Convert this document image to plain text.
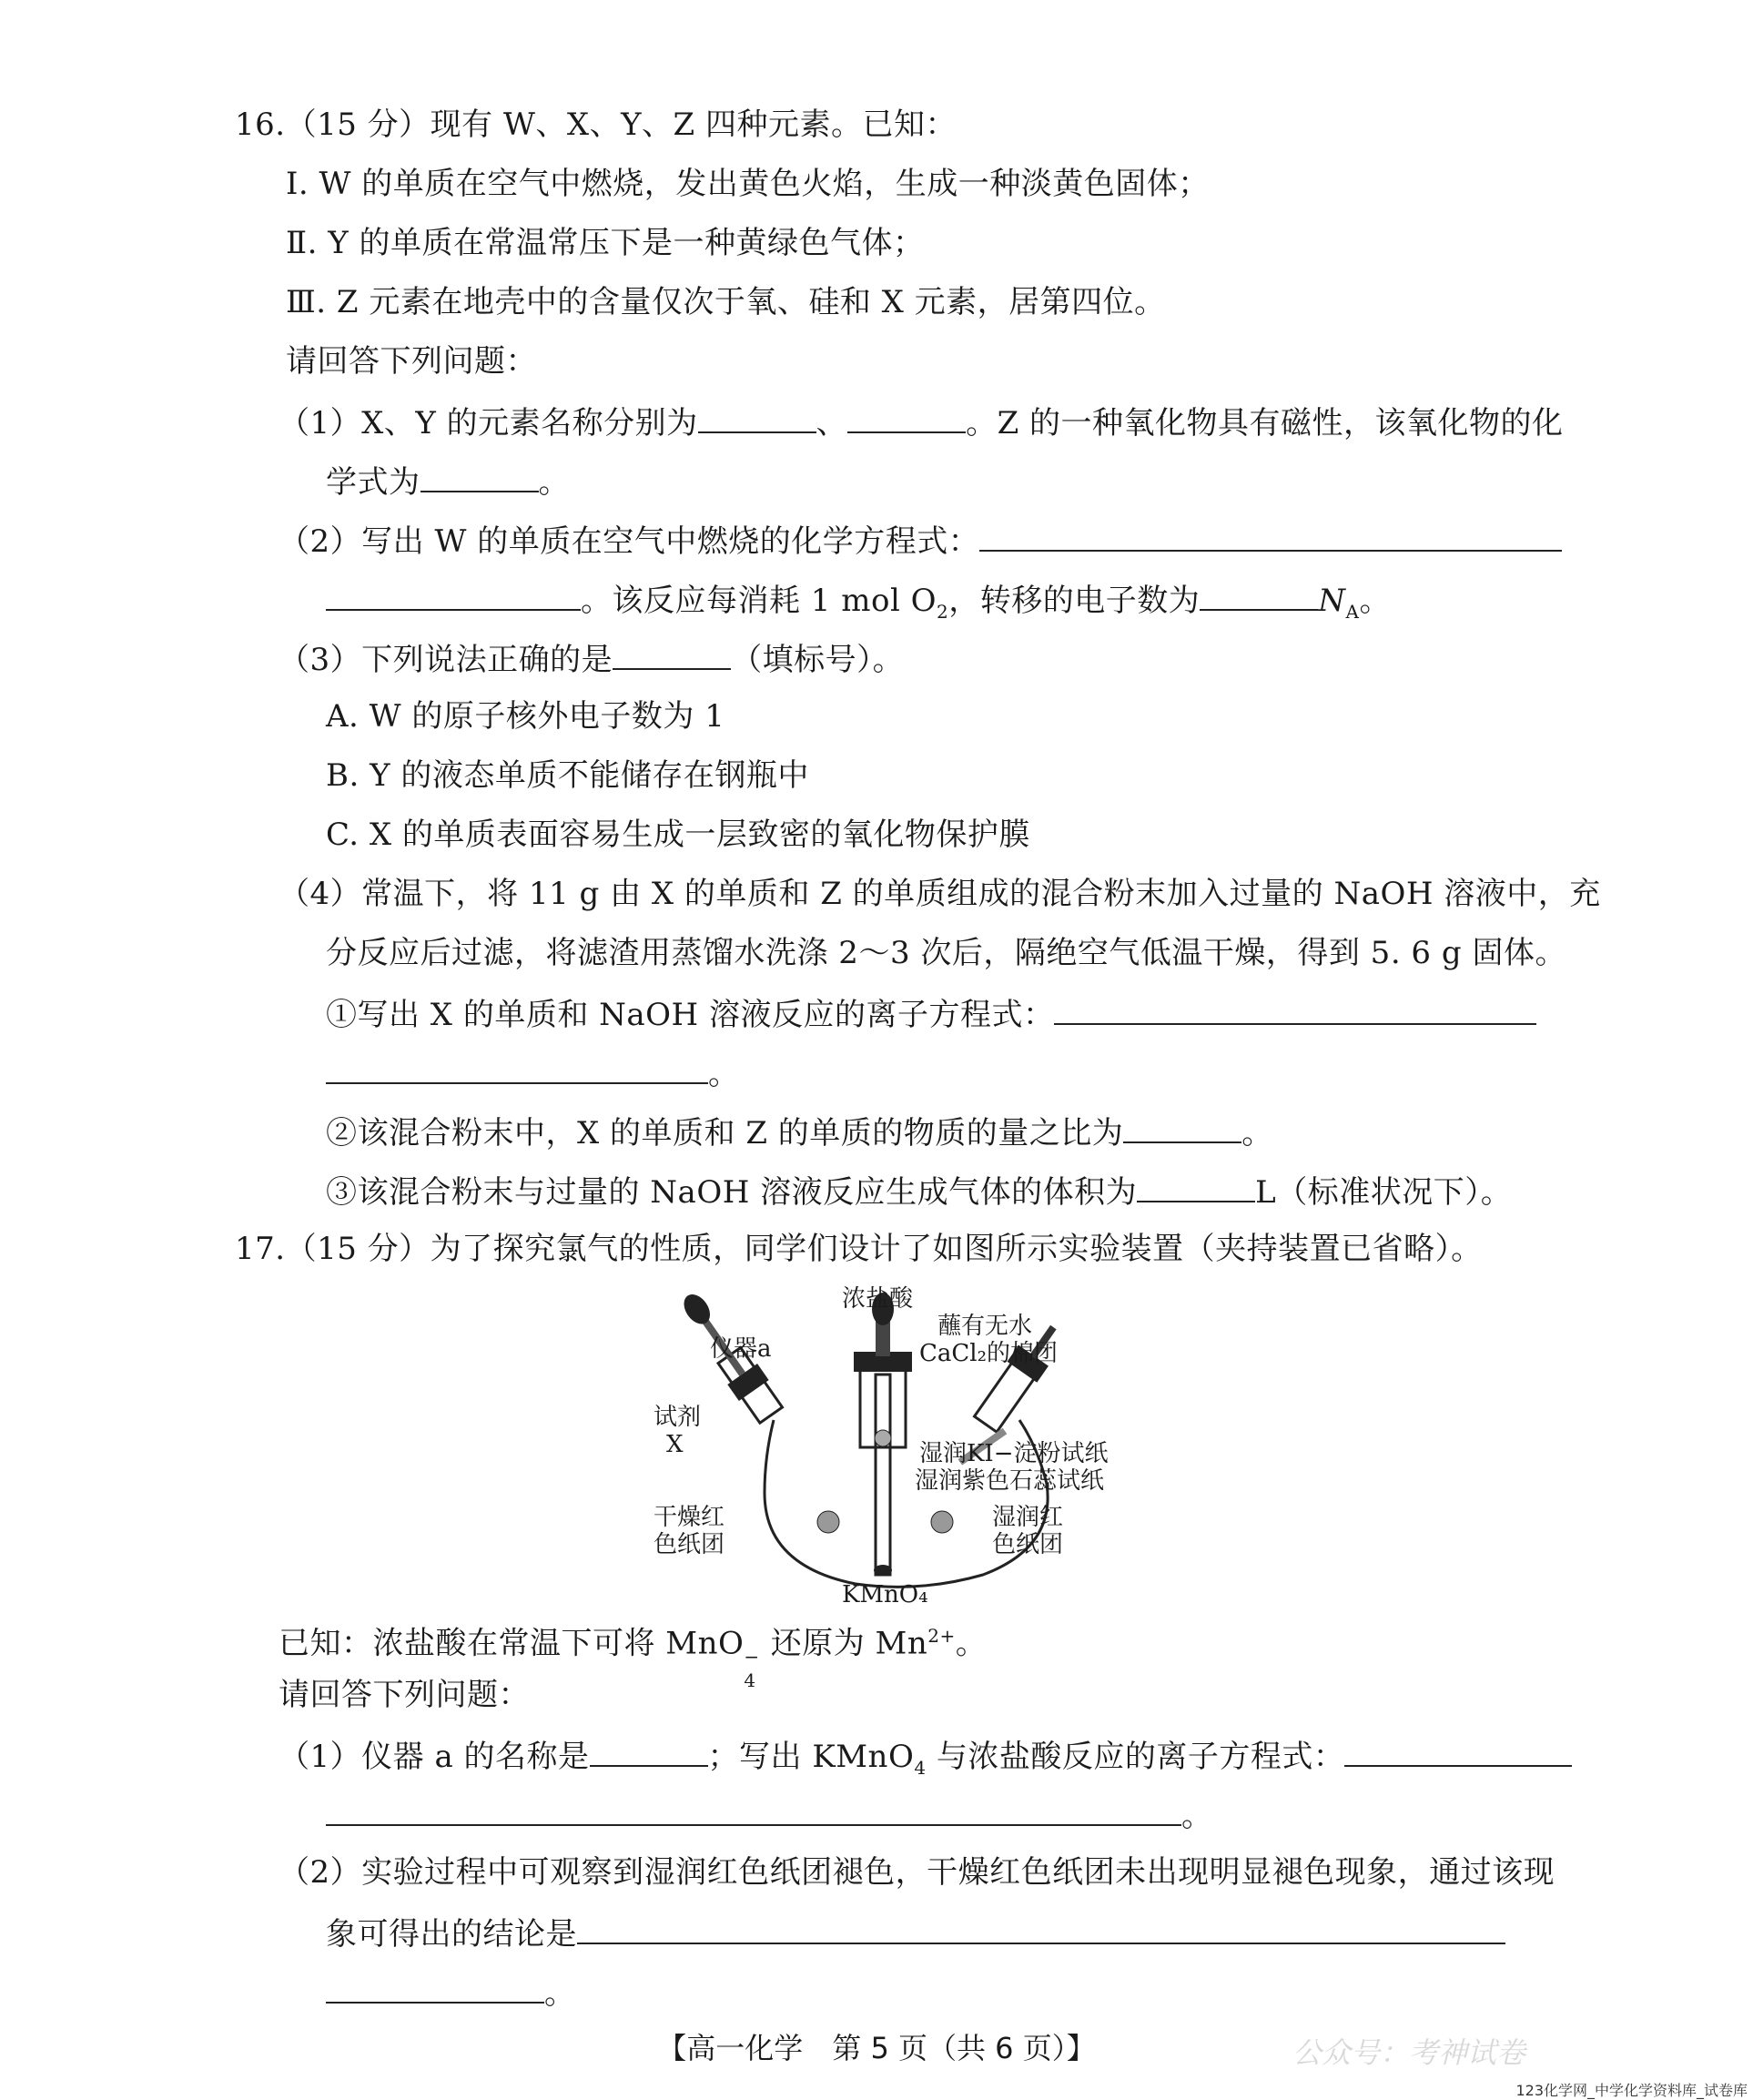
16.（15 分）现有 W、X、Y、Z 四种元素。已知：
Ⅰ. W 的单质在空气中燃烧，发出黄色火焰，生成一种淡黄色固体；
Ⅱ. Y 的单质在常温常压下是一种黄绿色气体；
Ⅲ. Z 元素在地壳中的含量仅次于氧、硅和 X 元素，居第四位。
请回答下列问题：
（1）X、Y 的元素名称分别为	、	。Z 的一种氧化物具有磁性，该氧化物的化
学式为	。
（2）写出 W 的单质在空气中燃烧的化学方程式：
。该反应每消耗 1 mol $O_2$，转移的电子数为	$N_A$。
（3）下列说法正确的是	（填标号）。
A. W 的原子核外电子数为 1
B. Y 的液态单质不能储存在钢瓶中
C. X 的单质表面容易生成一层致密的氧化物保护膜
（4）常温下，将 11 g 由 X 的单质和 Z 的单质组成的混合粉末加入过量的 NaOH 溶液中，充
分反应后过滤，将滤渣用蒸馏水洗涤 2～3 次后，隔绝空气低温干燥，得到 5. 6 g 固体。
①写出 X 的单质和 NaOH 溶液反应的离子方程式：
。
②该混合粉末中，X 的单质和 Z 的单质的物质的量之比为	。
③该混合粉末与过量的 NaOH 溶液反应生成气体的体积为	L（标准状况下）。
17.（15 分）为了探究氯气的性质，同学们设计了如图所示实验装置（夹持装置已省略）。
浓盐酸
仪器a
蘸有无水
CaCl₂的棉团
试剂
X	湿润KI−淀粉试纸
湿润紫色石蕊试纸
干燥红
色纸团
湿润红
色纸团
KMnO₄
已知：浓盐酸在常温下可将 MnO −
4
还原为 $Mn^{2+}$。
请回答下列问题：
（1）仪器 a 的名称是	；写出 KMnO$_4$ 与浓盐酸反应的离子方程式：
。
（2）实验过程中可观察到湿润红色纸团褪色，干燥红色纸团未出现明显褪色现象，通过该现
象可得出的结论是
。
【高一化学　第 5 页（共 6 页）】	公众号：考神试卷
123化学网_中学化学资料库_试卷库
